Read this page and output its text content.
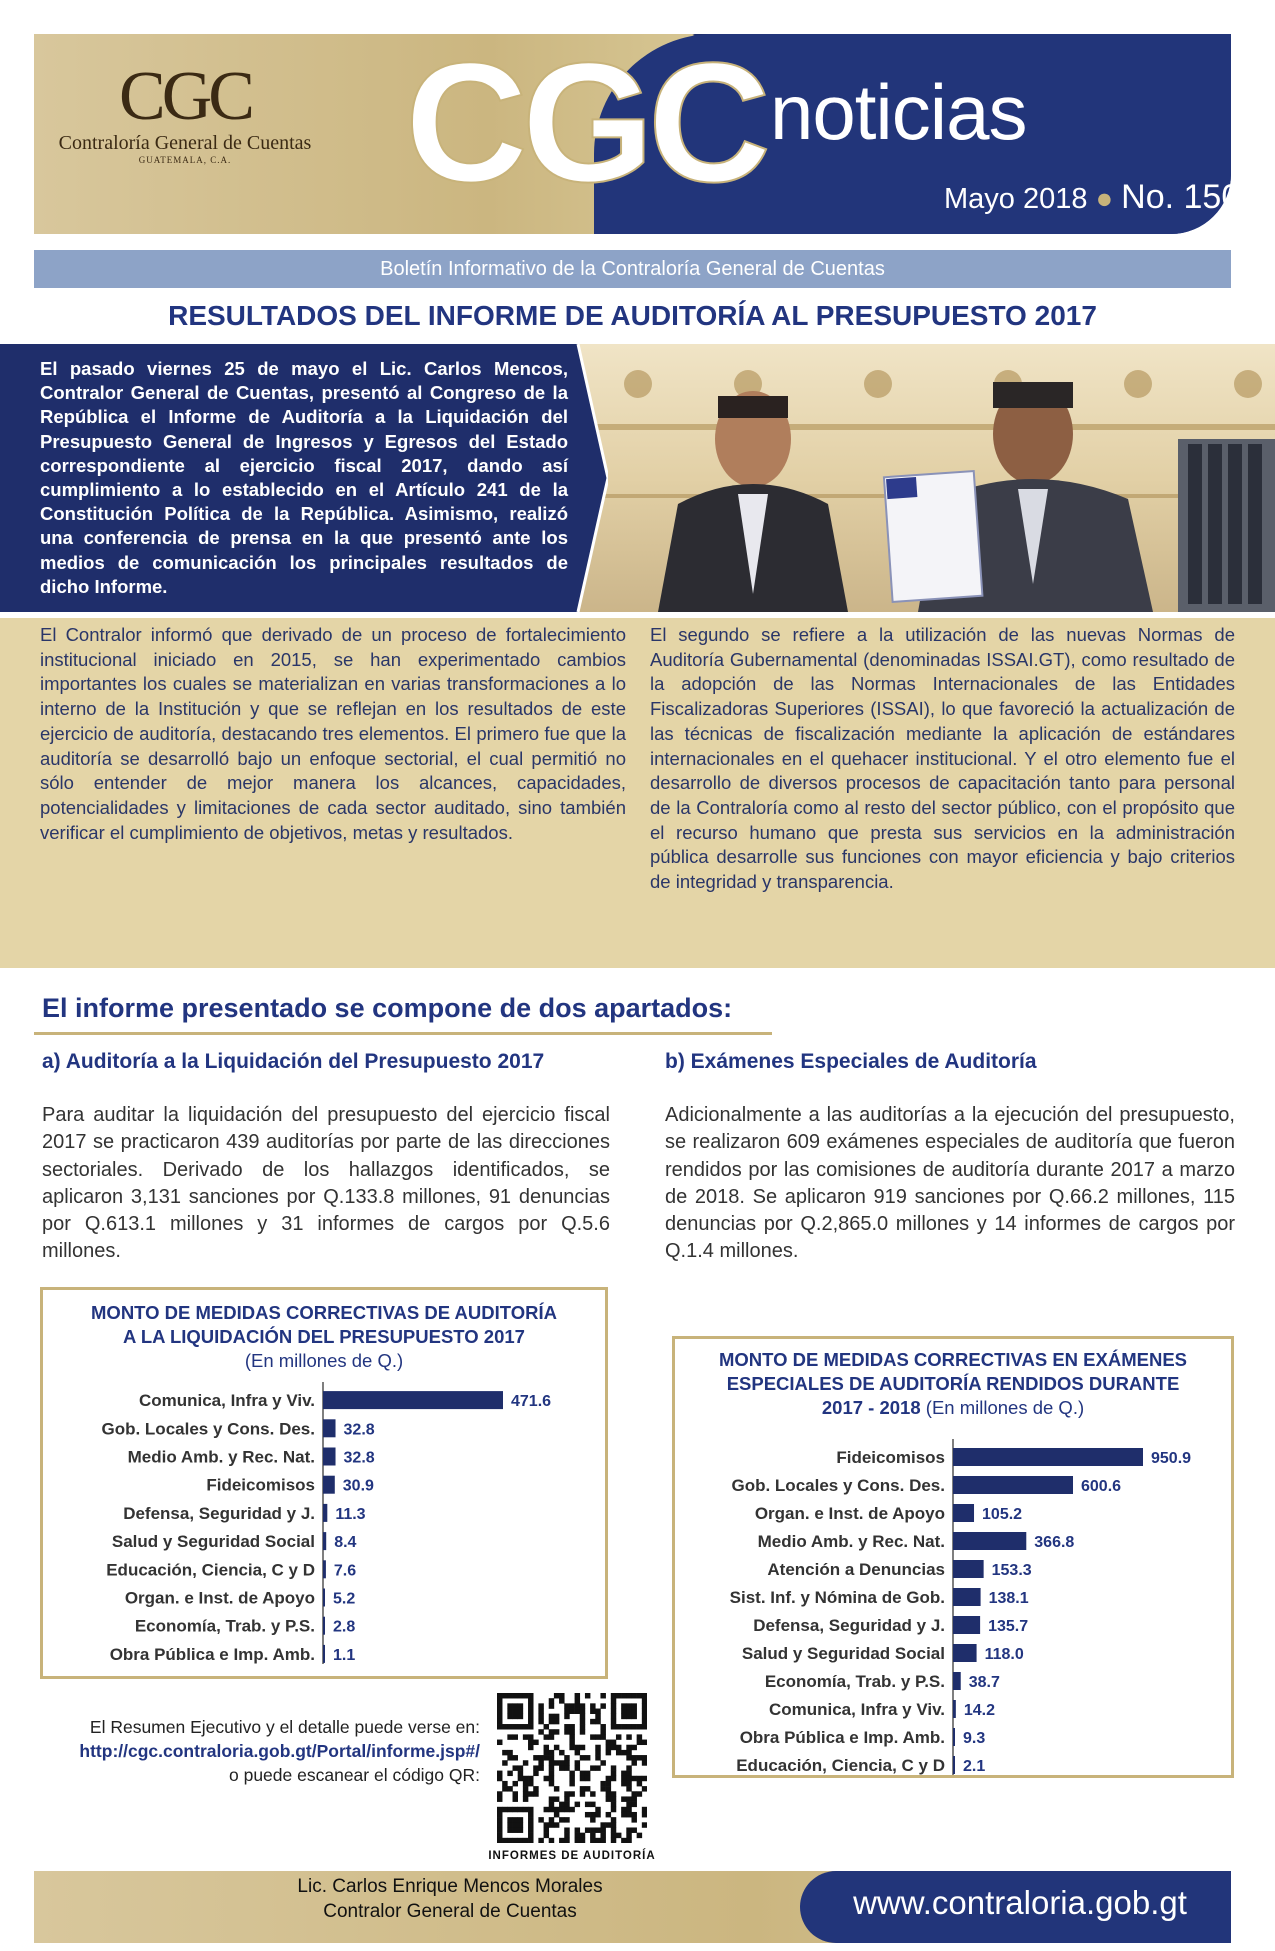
CGC
Contraloría General de Cuentas
GUATEMALA, C.A.	CGC noticias
Mayo 2018 ● No. 150
Boletín Informativo de la Contraloría General de Cuentas
RESULTADOS DEL INFORME DE AUDITORÍA AL PRESUPUESTO 2017
El pasado viernes 25 de mayo el Lic. Carlos Mencos, Contralor General de Cuentas, presentó al Congreso de la República el Informe de Auditoría a la Liquidación del Presupuesto General de Ingresos y Egresos del Estado correspondiente al ejercicio fiscal 2017, dando así cumplimiento a lo establecido en el Artículo 241 de la Constitución Política de la República. Asimismo, realizó una conferencia de prensa en la que presentó ante los medios de comunicación los principales resultados de dicho Informe.
El Contralor informó que derivado de un proceso de fortalecimiento institucional iniciado en 2015, se han experimentado cambios importantes los cuales se materializan en varias transformaciones a lo interno de la Institución y que se reflejan en los resultados de este ejercicio de auditoría, destacando tres elementos. El primero fue que la auditoría se desarrolló bajo un enfoque sectorial, el cual permitió no sólo entender de mejor manera los alcances, capacidades, potencialidades y limitaciones de cada sector auditado, sino también verificar el cumplimiento de objetivos, metas y resultados.
El segundo se refiere a la utilización de las nuevas Normas de Auditoría Gubernamental (denominadas ISSAI.GT), como resultado de la adopción de las Normas Internacionales de las Entidades Fiscalizadoras Superiores (ISSAI), lo que favoreció la actualización de las técnicas de fiscalización mediante la aplicación de estándares internacionales en el quehacer institucional. Y el otro elemento fue el desarrollo de diversos procesos de capacitación tanto para personal de la Contraloría como al resto del sector público, con el propósito que el recurso humano que presta sus servicios en la administración pública desarrolle sus funciones con mayor eficiencia y bajo criterios de integridad y transparencia.
El informe presentado se compone de dos apartados:
a) Auditoría a la Liquidación del Presupuesto 2017	b) Exámenes Especiales de Auditoría
Para auditar la liquidación del presupuesto del ejercicio fiscal 2017 se practicaron 439 auditorías por parte de las direcciones sectoriales. Derivado de los hallazgos identificados, se aplicaron 3,131 sanciones por Q.133.8 millones, 91 denuncias por Q.613.1 millones y 31 informes de cargos por Q.5.6 millones.
Adicionalmente a las auditorías a la ejecución del presupuesto, se realizaron 609 exámenes especiales de auditoría que fueron rendidos por las comisiones de auditoría durante 2017 a marzo de 2018. Se aplicaron 919 sanciones por Q.66.2 millones, 115 denuncias por Q.2,865.0 millones y 14 informes de cargos por Q.1.4 millones.
MONTO DE MEDIDAS CORRECTIVAS DE AUDITORÍA
A LA LIQUIDACIÓN DEL PRESUPUESTO 2017
(En millones de Q.)
Comunica, Infra y Viv.	471.6
Gob. Locales y Cons. Des. 32.8
Medio Amb. y Rec. Nat. 32.8
Fideicomisos 30.9
Defensa, Seguridad y J. 11.3
Salud y Seguridad Social 8.4
Educación, Ciencia, C y D 7.6
Organ. e Inst. de Apoyo 5.2
Economía, Trab. y P.S. 2.8
Obra Pública e Imp. Amb. 1.1
MONTO DE MEDIDAS CORRECTIVAS EN EXÁMENES
ESPECIALES DE AUDITORÍA RENDIDOS DURANTE
2017 - 2018 (En millones de Q.)
Fideicomisos	950.9
Gob. Locales y Cons. Des.	600.6
Organ. e Inst. de Apoyo 105.2
Medio Amb. y Rec. Nat.	366.8
Atención a Denuncias	153.3
Sist. Inf. y Nómina de Gob.	138.1
Defensa, Seguridad y J.	135.7
Salud y Seguridad Social 118.0
Economía, Trab. y P.S. 38.7
Comunica, Infra y Viv. 14.2
Obra Pública e Imp. Amb. 9.3
Educación, Ciencia, C y D 2.1
El Resumen Ejecutivo y el detalle puede verse en:
http://cgc.contraloria.gob.gt/Portal/informe.jsp#/
o puede escanear el código QR:
INFORMES DE AUDITORÍA
Lic. Carlos Enrique Mencos Morales
Contralor General de Cuentas	www.contraloria.gob.gt
